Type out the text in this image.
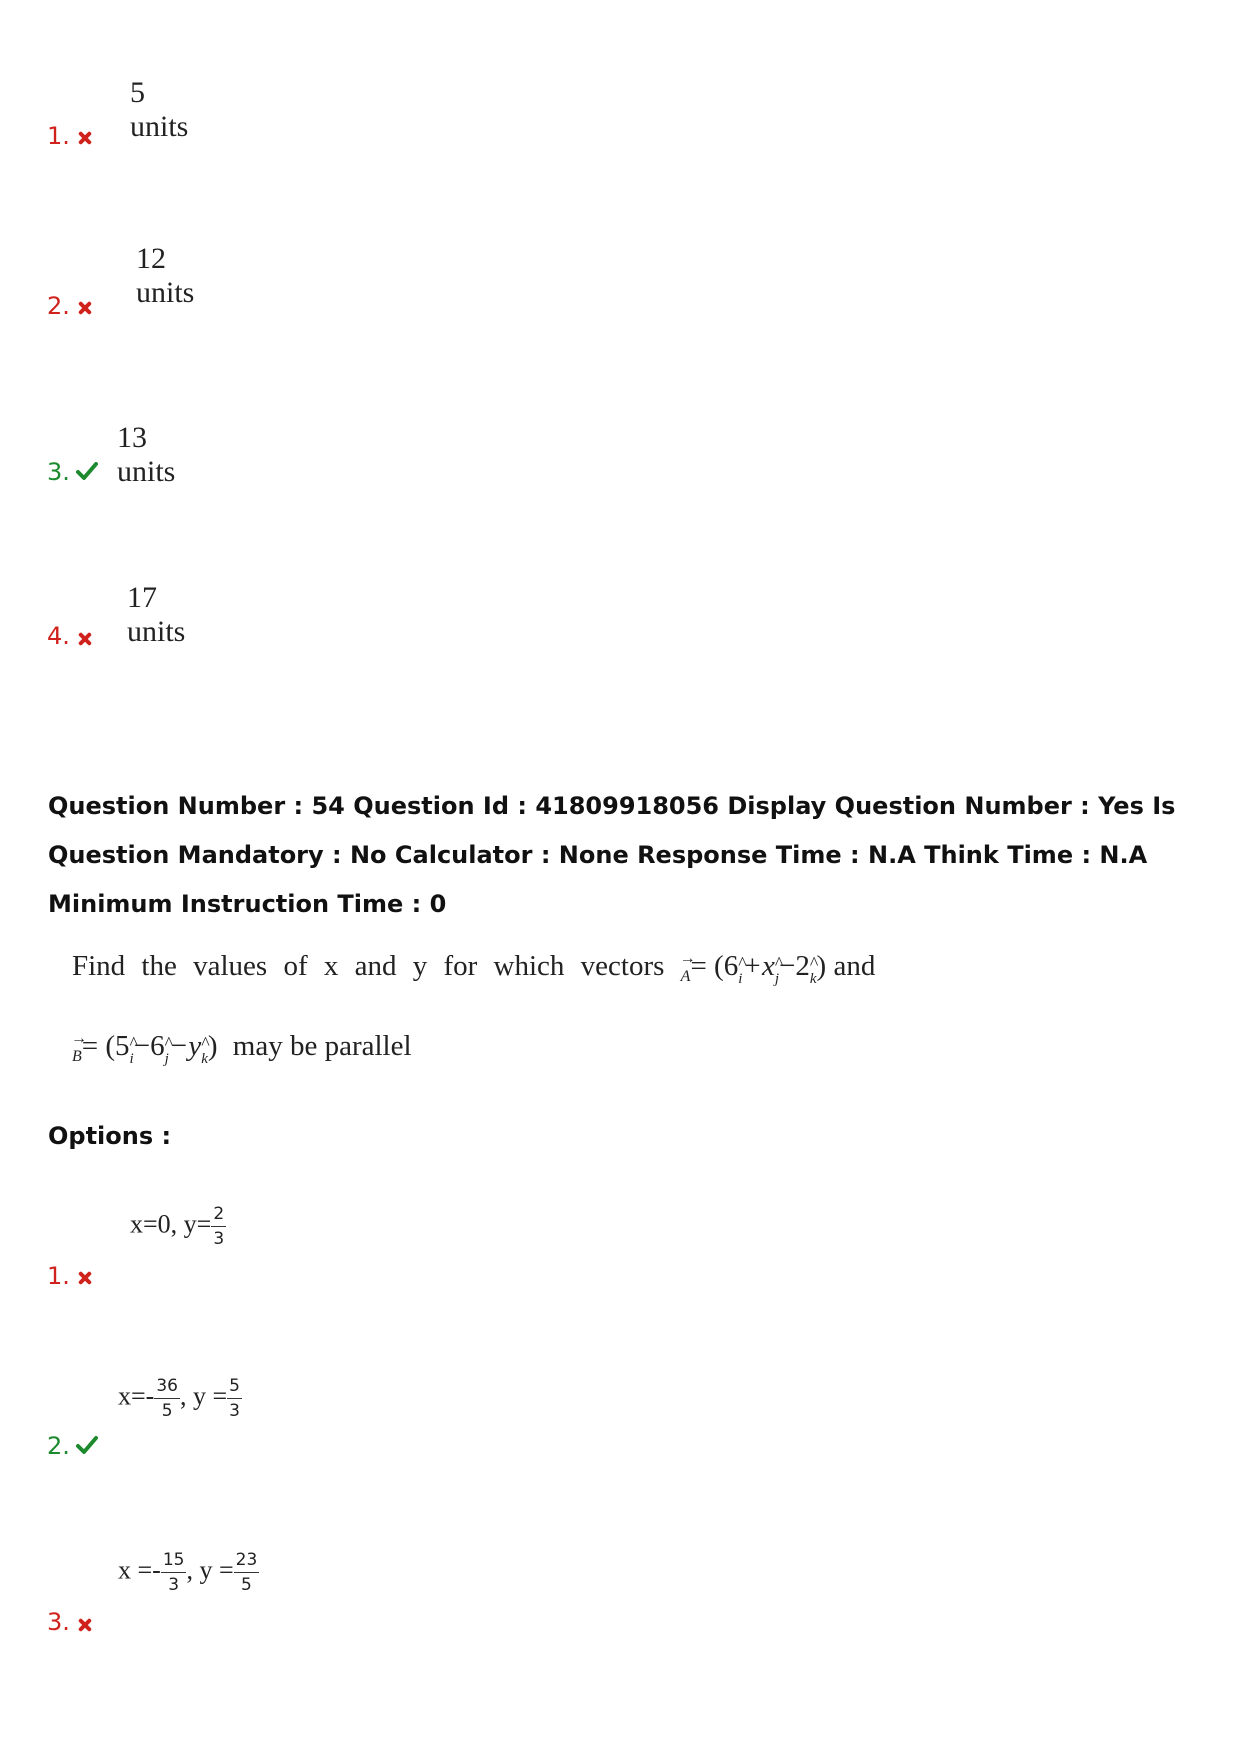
5 units
1.
12 units
2.
13 units
3.
17 units
4.
Question Number : 54 Question Id : 41809918056 Display Question Number : Yes Is Question Mandatory : No Calculator : None Response Time : N.A Think Time : N.A Minimum Instruction Time : 0
Find the values of x and y for which vectors → A= (6^ i+x^ j−2^ k) and
→ B= (5^ i−6^ j−y^ k) may be parallel
Options :
x=0, $y= \frac{2}{3}$
1.
$x=- \frac{36}{5}$ , $y = \frac{5}{3}$
2.
$x =- \frac{15}{3}$ , $y = \frac{23}{5}$
3.
